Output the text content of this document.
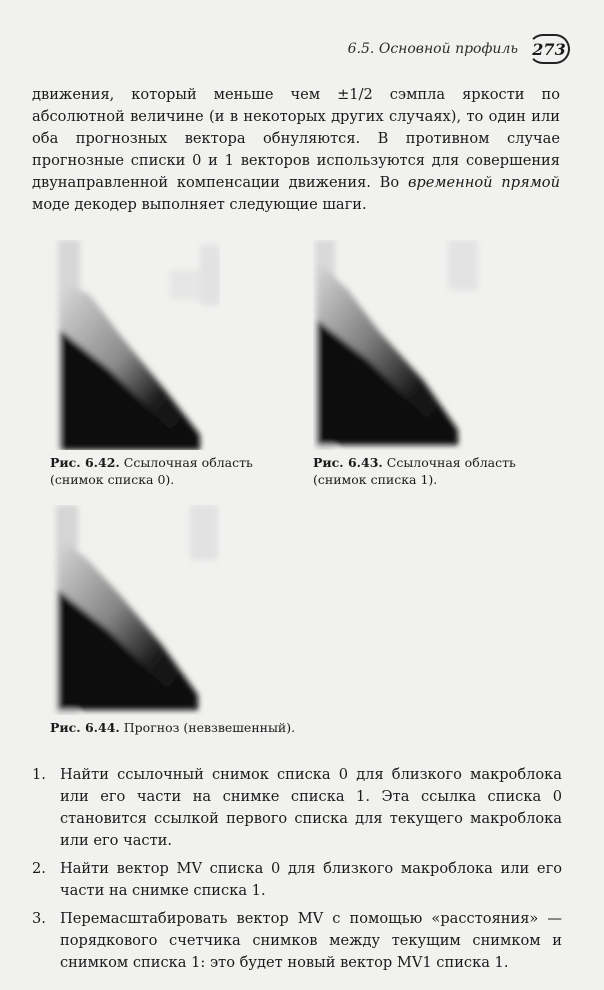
6.5. Основной профиль 273

движения, который меньше чем ±1/2 сэмпла яркости по абсолютной величине (и в некоторых других случаях), то один или оба прогнозных вектора обнуляются. В противном случае прогнозные списки 0 и 1 векторов используются для совершения двунаправленной компенсации движения. Во временной прямой моде декодер выполняет следующие шаги.

Рис. 6.42. Ссылочная область (снимок списка 0).
Рис. 6.43. Ссылочная область (снимок списка 1).
Рис. 6.44. Прогноз (невзвешенный).
1. Найти ссылочный снимок списка 0 для близкого макроблока или его части на снимке списка 1. Эта ссылка списка 0 становится ссылкой первого списка для текущего макроблока или его части.
2. Найти вектор MV списка 0 для близкого макроблока или его части на снимке списка 1.
3. Перемасштабировать вектор MV с помощью «расстояния» — порядкового счетчика снимков между текущим снимком и снимком списка 1: это будет новый вектор MV1 списка 1.
